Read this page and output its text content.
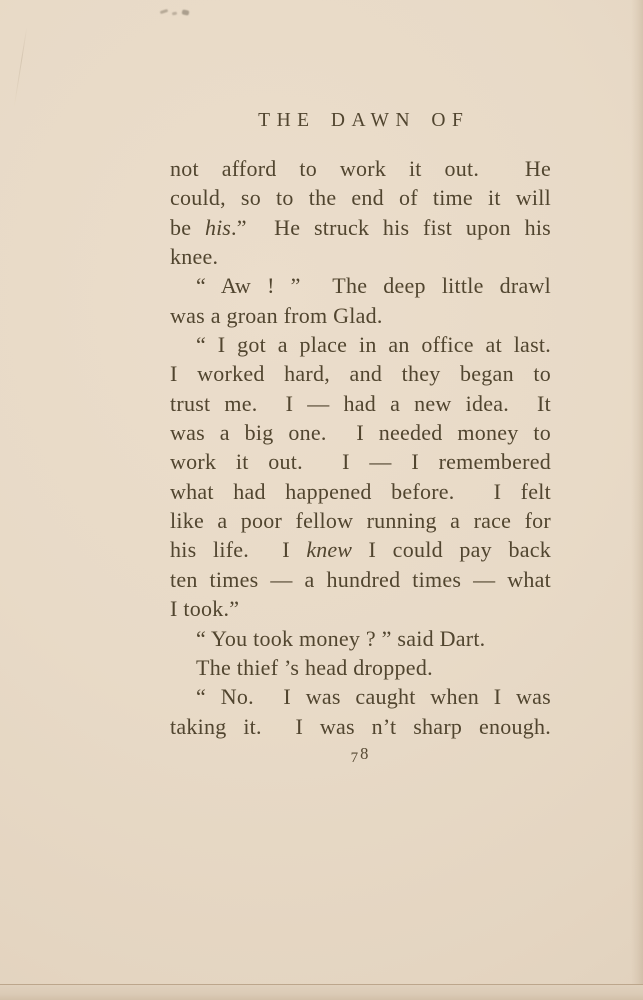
THE DAWN OF
not afford to work it out.  He
could, so to the end of time it will
be his.”  He struck his fist upon his
knee.
“ Aw ! ”  The deep little drawl
was a groan from Glad.
“ I got a place in an office at last.
I worked hard, and they began to
trust me.  I — had a new idea.  It
was a big one.  I needed money to
work it out.  I — I remembered
what had happened before.  I felt
like a poor fellow running a race for
his life.  I knew I could pay back
ten times — a hundred times — what
I took.”
“ You took money ? ” said Dart.
The thief ’s head dropped.
“ No.  I was caught when I was
taking it.  I was n’t sharp enough.
78
